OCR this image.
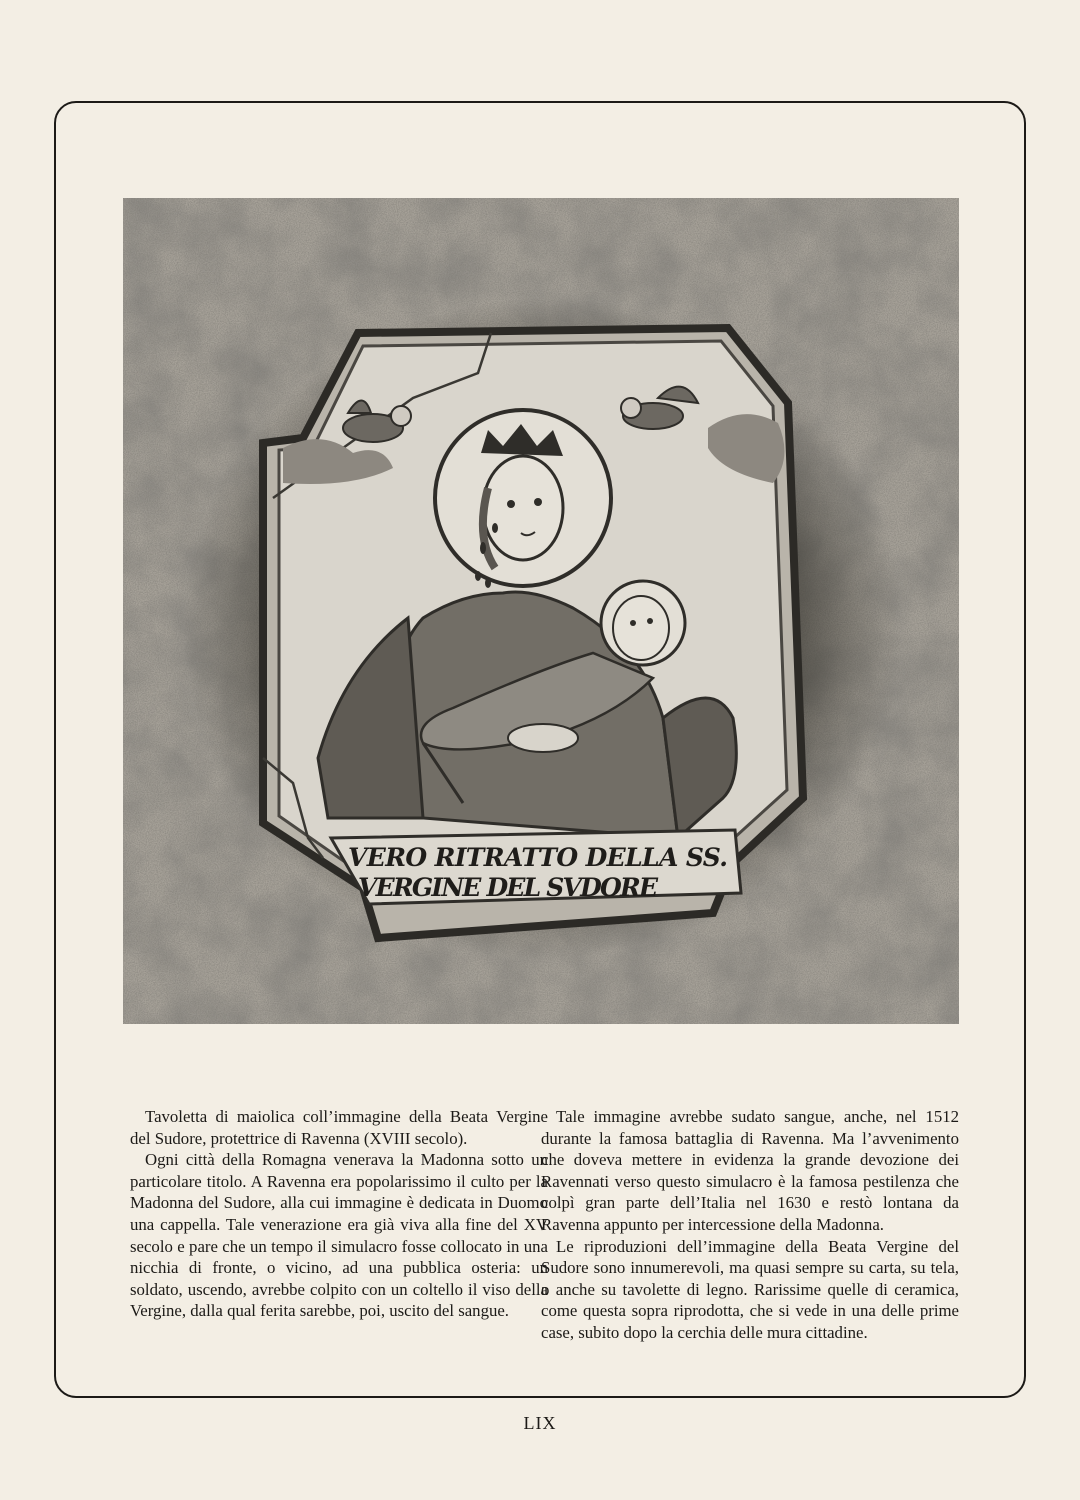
VERO RITRATTO DELLA SS.
VERGINE DEL SVDORE

Tavoletta di maiolica coll’immagine della Beata Vergine del Sudore, protettrice di Ravenna (XVIII secolo).

Ogni città della Romagna venerava la Madonna sotto un particolare titolo. A Ravenna era popolarissimo il culto per la Madonna del Sudore, alla cui immagine è dedicata in Duomo una cappella. Tale venerazione era già viva alla fine del XV secolo e pare che un tempo il simulacro fosse collocato in una nicchia di fronte, o vicino, ad una pubblica osteria: un soldato, uscendo, avrebbe colpito con un coltello il viso della Vergine, dalla qual ferita sarebbe, poi, uscito del sangue.

Tale immagine avrebbe sudato sangue, anche, nel 1512 durante la famosa battaglia di Ravenna. Ma l’avvenimento che doveva mettere in evidenza la grande devozione dei Ravennati verso questo simulacro è la famosa pestilenza che colpì gran parte dell’Italia nel 1630 e restò lontana da Ravenna appunto per intercessione della Madonna.

Le riproduzioni dell’immagine della Beata Vergine del Sudore sono innumerevoli, ma quasi sempre su carta, su tela, o anche su tavolette di legno. Rarissime quelle di ceramica, come questa sopra riprodotta, che si vede in una delle prime case, subito dopo la cerchia delle mura cittadine.

LIX
